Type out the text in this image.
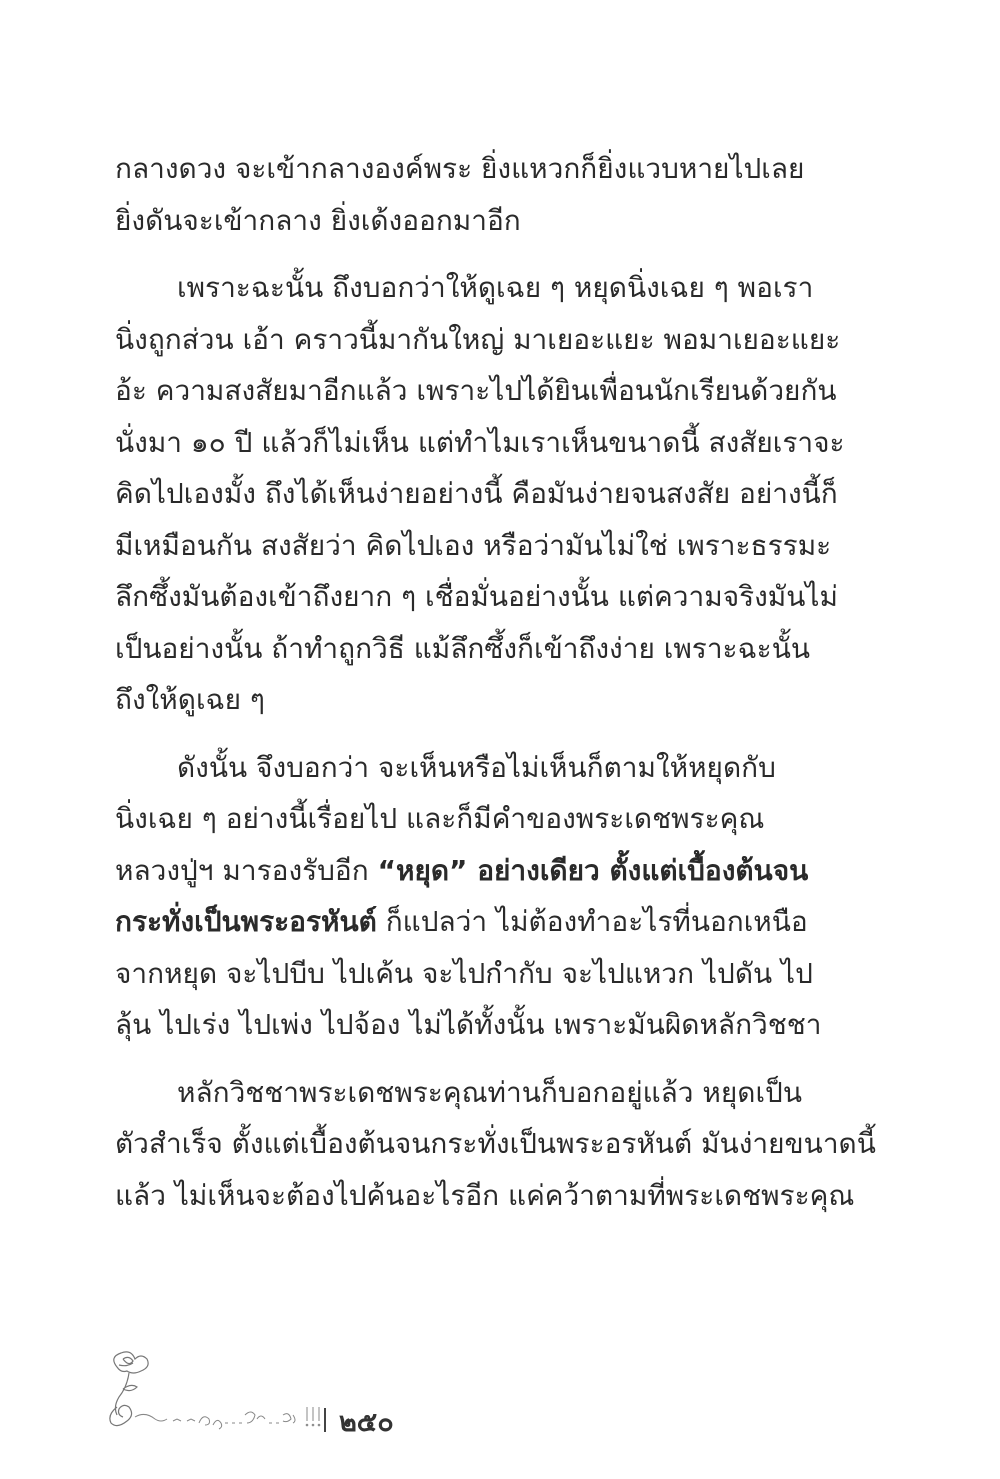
กลางดวง จะเข้ากลางองค์พระ ยิ่งแหวกก็ยิ่งแวบหายไปเลย
ยิ่งดันจะเข้ากลาง ยิ่งเด้งออกมาอีก
เพราะฉะนั้น ถึงบอกว่าให้ดูเฉย ๆ หยุดนิ่งเฉย ๆ พอเรา
นิ่งถูกส่วน เอ้า คราวนี้มากันใหญ่ มาเยอะแยะ พอมาเยอะแยะ
อ้ะ ความสงสัยมาอีกแล้ว เพราะไปได้ยินเพื่อนนักเรียนด้วยกัน
นั่งมา ๑๐ ปี แล้วก็ไม่เห็น แต่ทำไมเราเห็นขนาดนี้ สงสัยเราจะ
คิดไปเองมั้ง ถึงได้เห็นง่ายอย่างนี้ คือมันง่ายจนสงสัย อย่างนี้ก็
มีเหมือนกัน สงสัยว่า คิดไปเอง หรือว่ามันไม่ใช่ เพราะธรรมะ
ลึกซึ้งมันต้องเข้าถึงยาก ๆ เชื่อมั่นอย่างนั้น แต่ความจริงมันไม่
เป็นอย่างนั้น ถ้าทำถูกวิธี แม้ลึกซึ้งก็เข้าถึงง่าย เพราะฉะนั้น
ถึงให้ดูเฉย ๆ
ดังนั้น จึงบอกว่า จะเห็นหรือไม่เห็นก็ตามให้หยุดกับ
นิ่งเฉย ๆ อย่างนี้เรื่อยไป และก็มีคำของพระเดชพระคุณ
หลวงปู่ฯ มารองรับอีก “หยุด” อย่างเดียว ตั้งแต่เบื้องต้นจน
กระทั่งเป็นพระอรหันต์ ก็แปลว่า ไม่ต้องทำอะไรที่นอกเหนือ
จากหยุด จะไปบีบ ไปเค้น จะไปกำกับ จะไปแหวก ไปดัน ไป
ลุ้น ไปเร่ง ไปเพ่ง ไปจ้อง ไม่ได้ทั้งนั้น เพราะมันผิดหลักวิชชา
หลักวิชชาพระเดชพระคุณท่านก็บอกอยู่แล้ว หยุดเป็น
ตัวสำเร็จ ตั้งแต่เบื้องต้นจนกระทั่งเป็นพระอรหันต์ มันง่ายขนาดนี้
แล้ว ไม่เห็นจะต้องไปค้นอะไรอีก แค่คว้าตามที่พระเดชพระคุณ
๒๕๐
